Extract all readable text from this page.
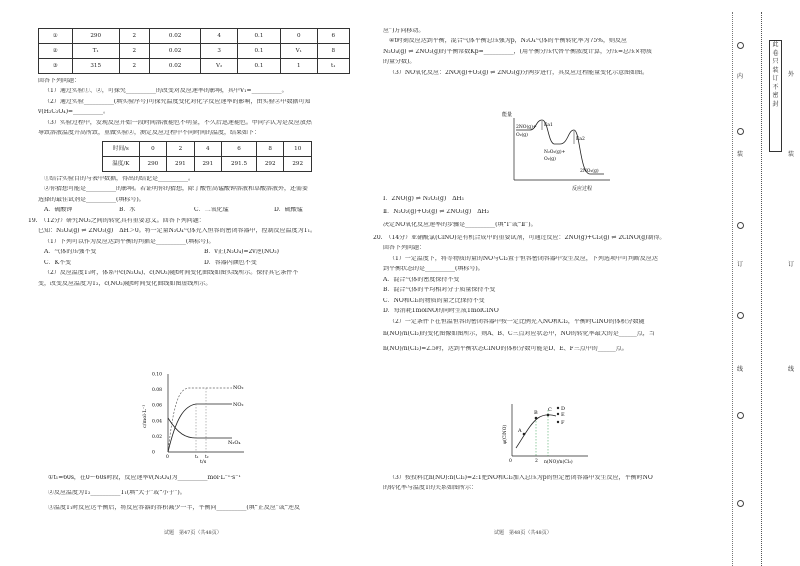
①	290	2	0.02	4	0.1	0	6
②	T₁	2	0.02	3	0.1	V₁	8
③	315	2	0.02	V₂	0.1	1	t₁

回答下列问题：

（1）通过实验①、②，可探究__________的改变对反应速率的影响，其中V₁=__________。

（2）通过实验__________(填实验序号)可探究温度变化对化学反应速率的影响，由实验②中数据可知

v(H₂C₂O₄)=__________。

（3）实验过程中，发现反应开始一段时间溶液褪色不明显，不久后迅速褪色。甲同学认为是反应放热

导致溶液温度升高所致，重做实验②，测定反应过程中不同时间的温度，结果如下：

时间/s	0	2	4	6	8	10
温度/K	290	291	291	291.5	292	292

①结合实验目的与表中数据，得出的结论是__________。

②你猜想可能是__________的影响。若证明你的猜想，除了酸性高锰酸钾溶液和草酸溶液外，还需要

选择的最佳试剂是__________(填标号)。

A．硫酸钾	B．水	C．二氧化锰	D．硫酸锰

19.　（12分）研究NO₂之间的转化具有重要意义。回答下列问题：

已知：N₂O₄(g) ⇌ 2NO₂(g)　ΔH＞0。将一定量N₂O₄气体充入恒容的密闭容器中，控制反应温度为T₁。

（1）下列可以作为反应达到平衡的判据是__________(填标号)。

A．气体的压强不变	B．v正(N₂O₄)=2v逆(NO₂)
C．K不变	D．容器内颜色不变

（2）反应温度T₁时，体系中c(N₂O₄)、c(NO₂)随t时间变化曲线如图实线所示。保持其它条件不

变，改变反应温度为T₂，c(NO₂)随t时间变化曲线如图虚线所示。

c/mol·L⁻¹
0.10
0.08
0.06
0.04
0.02
0
0	t₁ t₂
NO₂
NO₂
N₂O₄
t/s

①t₁=60s，在0～60s时段，反应速率v(N₂O₄)为__________mol·L⁻¹·s⁻¹

②反应温度为T₂__________T₁(填“大于”或“小于”)。

③温度T₁时反应达平衡后，将反应容器的容积减少一半，平衡向__________(填“正反应”或“逆反

试题　第47页（共48页）

应”)方向移动。

④t时刻反应达到平衡，混合气体平衡总压强为p，N₂O₄气体的平衡转化率为75%，则反应

N₂O₄(g) ⇌ 2NO₂(g)的平衡常数Kp=__________，(用平衡分压代替平衡浓度计算，分压=总压×物质

的量分数)。

（3）NO氧化反应：2NO(g)+O₂(g) ⇌ 2NO₂(g)分两步进行，其反应过程能量变化示意图如图。

能量
Ea1
Ea2
2NO(g)+
O₂(g)
N₂O₂(g)+
O₂(g)
2NO₂(g)
反应过程

Ⅰ．2NO(g) ⇌ N₂O₂(g)　ΔH₁

Ⅱ．N₂O₂(g)+O₂(g) ⇌ 2NO₂(g)　ΔH₂

决定NO氧化反应速率的步骤是__________(填“Ⅰ”或“Ⅱ”)。

20.　（14分）亚硝酰氯(ClNO)是有机合成中的重要试剂，可通过反应：2NO(g)+Cl₂(g) ⇌ 2ClNO(g)制得。

回答下列问题：

（1）一定温度下，将等物质的量的NO与Cl₂置于恒容密闭容器中发生反应，下列选项中可判断反应达

到平衡状态的是__________(填标号)。

A．混合气体的密度保持不变

B．混合气体的平均相对分子质量保持不变

C．NO和Cl₂的物质的量之比保持不变

D．每消耗1molNO的同时生成1molClNO

（2）一定条件下在恒温恒容的密闭容器中按一定比例充入NO和Cl₂，平衡时ClNO的体积分数随

n(NO)/n(Cl₂)的变化图像如图所示，则A、B、C三点对应状态中，NO的转化率最大的是______点，当

n(NO)/n(Cl₂)=2.5时，达到平衡状态ClNO的体积分数可能是D、E、F三点中的______点。

φ(ClNO) A
B C D
E
F
0	2 n(NO)/n(Cl₂)

（3）按投料比n(NO):n(Cl₂)=2:1把NO和Cl₂加入总压为p的恒定密闭容器中发生反应，平衡时NO

的转化率与温度T的关系如图所示：

试题　第48页（共48页）
内
装
订
线
外
装
订
线
此
卷
只
装
订
不
密
封
